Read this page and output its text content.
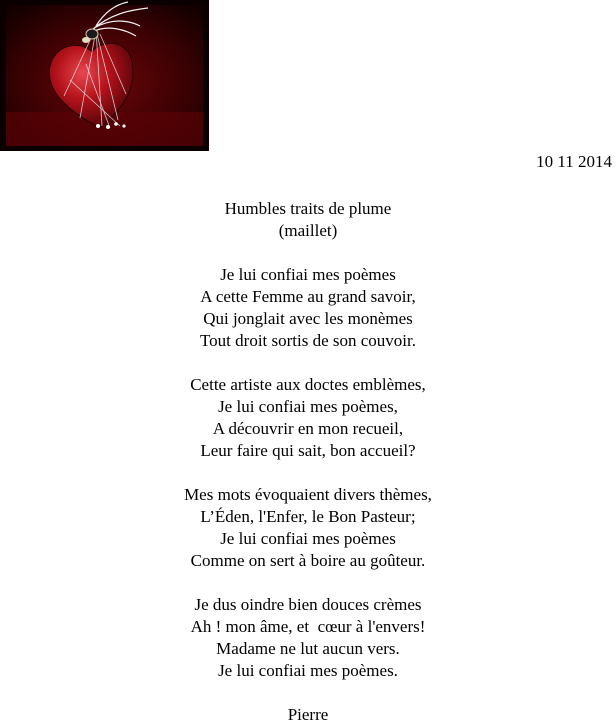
10 11 2014
Humbles traits de plume
(maillet)
Je lui confiai mes poèmes
A cette Femme au grand savoir,
Qui jonglait avec les monèmes
Tout droit sortis de son couvoir.
Cette artiste aux doctes emblèmes,
Je lui confiai mes poèmes,
A découvrir en mon recueil,
Leur faire qui sait, bon accueil?
Mes mots évoquaient divers thèmes,
L’Éden, l'Enfer, le Bon Pasteur;
Je lui confiai mes poèmes
Comme on sert à boire au goûteur.
Je dus oindre bien douces crèmes
Ah ! mon âme, et  cœur à l'envers!
Madame ne lut aucun vers.
Je lui confiai mes poèmes.
Pierre
